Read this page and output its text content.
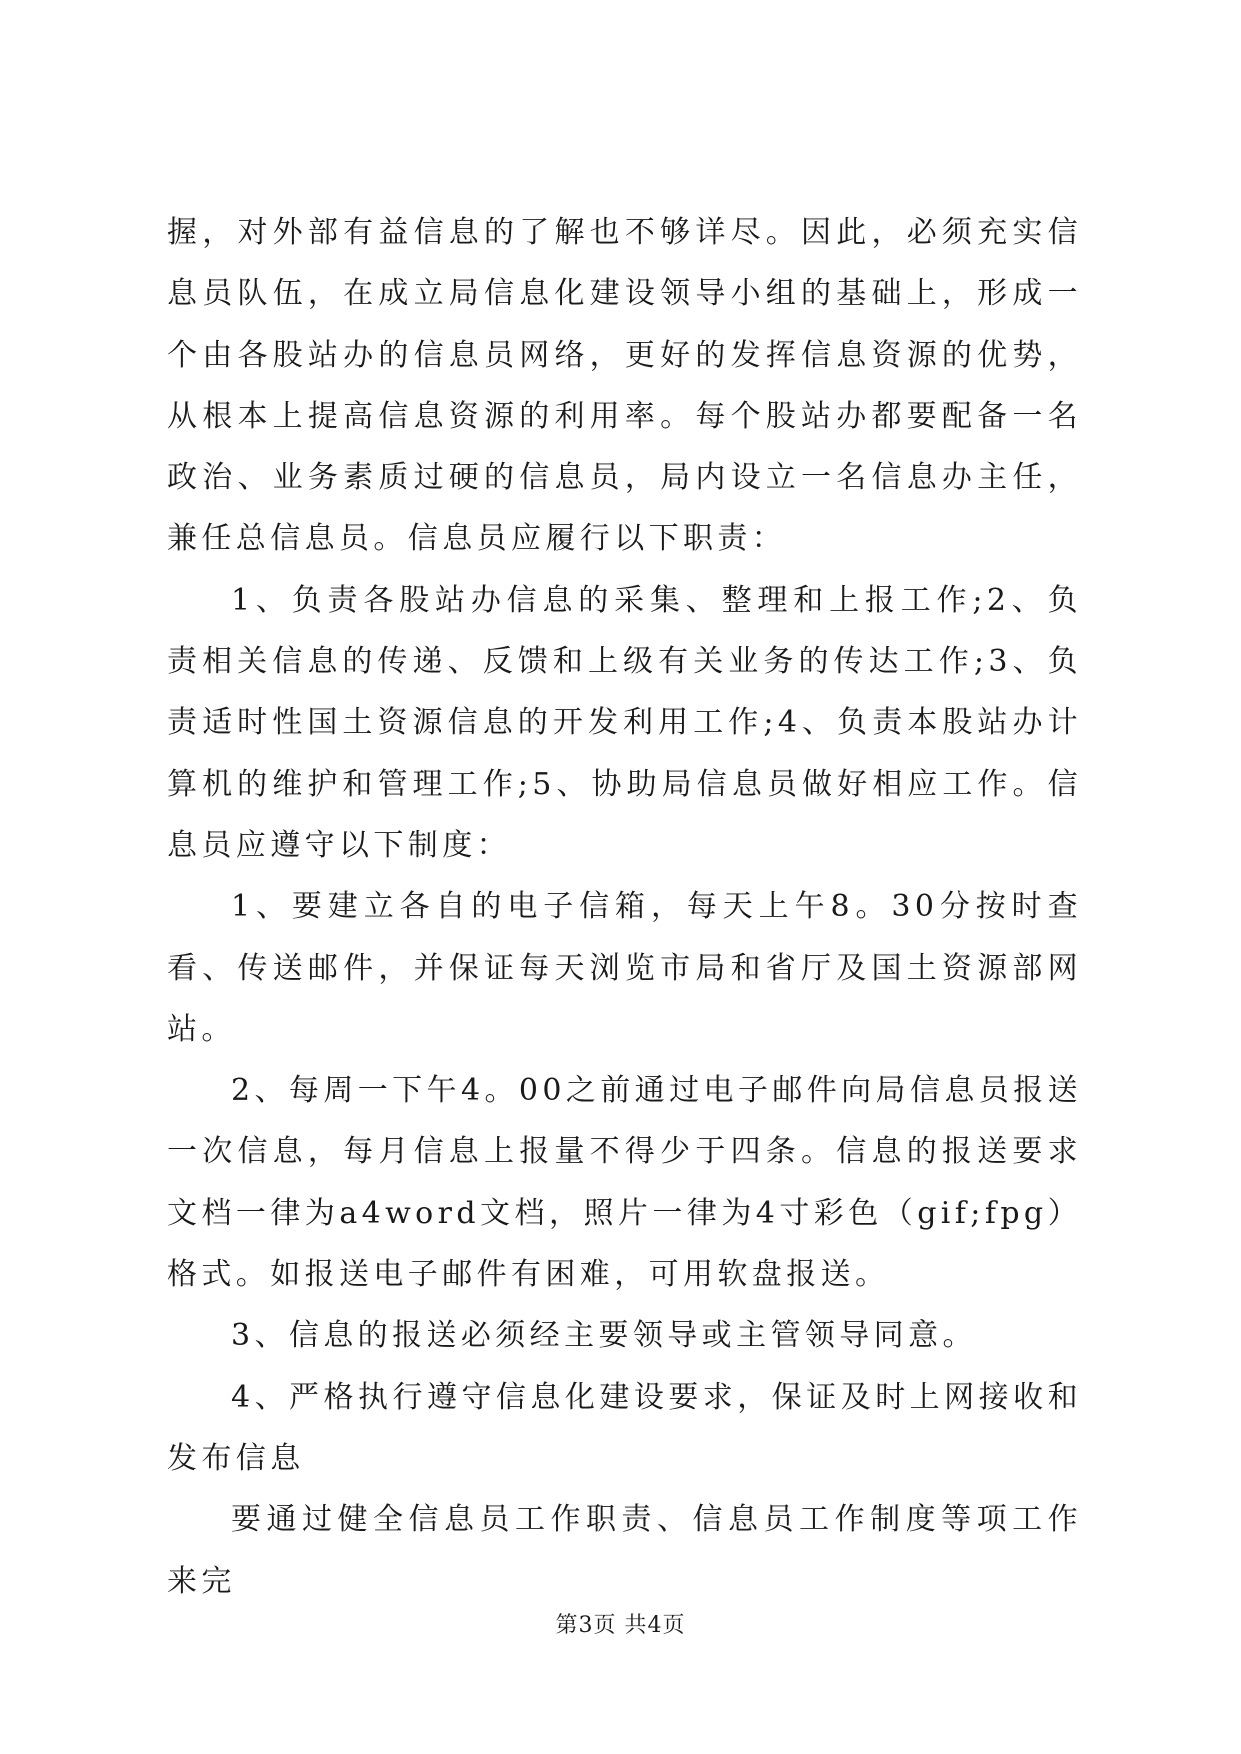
握，对外部有益信息的了解也不够详尽。因此，必须充实信息员队伍，在成立局信息化建设领导小组的基础上，形成一个由各股站办的信息员网络，更好的发挥信息资源的优势，从根本上提高信息资源的利用率。每个股站办都要配备一名政治、业务素质过硬的信息员，局内设立一名信息办主任，兼任总信息员。信息员应履行以下职责：

1、负责各股站办信息的采集、整理和上报工作;2、负责相关信息的传递、反馈和上级有关业务的传达工作;3、负责适时性国土资源信息的开发利用工作;4、负责本股站办计算机的维护和管理工作;5、协助局信息员做好相应工作。信息员应遵守以下制度：

1、要建立各自的电子信箱，每天上午8。30分按时查看、传送邮件，并保证每天浏览市局和省厅及国土资源部网站。

2、每周一下午4。00之前通过电子邮件向局信息员报送一次信息，每月信息上报量不得少于四条。信息的报送要求文档一律为a4word文档，照片一律为4寸彩色（gif;fpg）格式。如报送电子邮件有困难，可用软盘报送。

3、信息的报送必须经主要领导或主管领导同意。

4、严格执行遵守信息化建设要求，保证及时上网接收和发布信息

要通过健全信息员工作职责、信息员工作制度等项工作来完

第3页 共4页
